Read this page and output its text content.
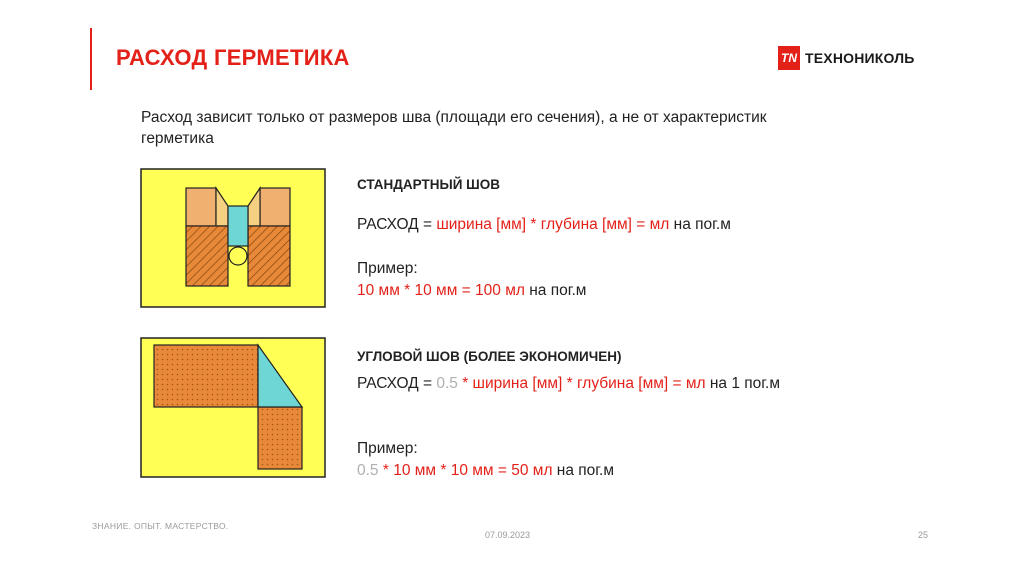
РАСХОД ГЕРМЕТИКА	TN ТЕХНОНИКОЛЬ
Расход зависит только от размеров шва (площади его сечения), а не от характеристик герметика
СТАНДАРТНЫЙ ШОВ
РАСХОД = ширина [мм] * глубина [мм] = мл на пог.м
Пример:
10 мм * 10 мм = 100 мл на пог.м
УГЛОВОЙ ШОВ (БОЛЕЕ ЭКОНОМИЧЕН)
РАСХОД = 0.5 * ширина [мм] * глубина [мм] = мл на 1 пог.м
Пример:
0.5 * 10 мм * 10 мм = 50 мл на пог.м
ЗНАНИЕ. ОПЫТ. МАСТЕРСТВО.
07.09.2023	25
